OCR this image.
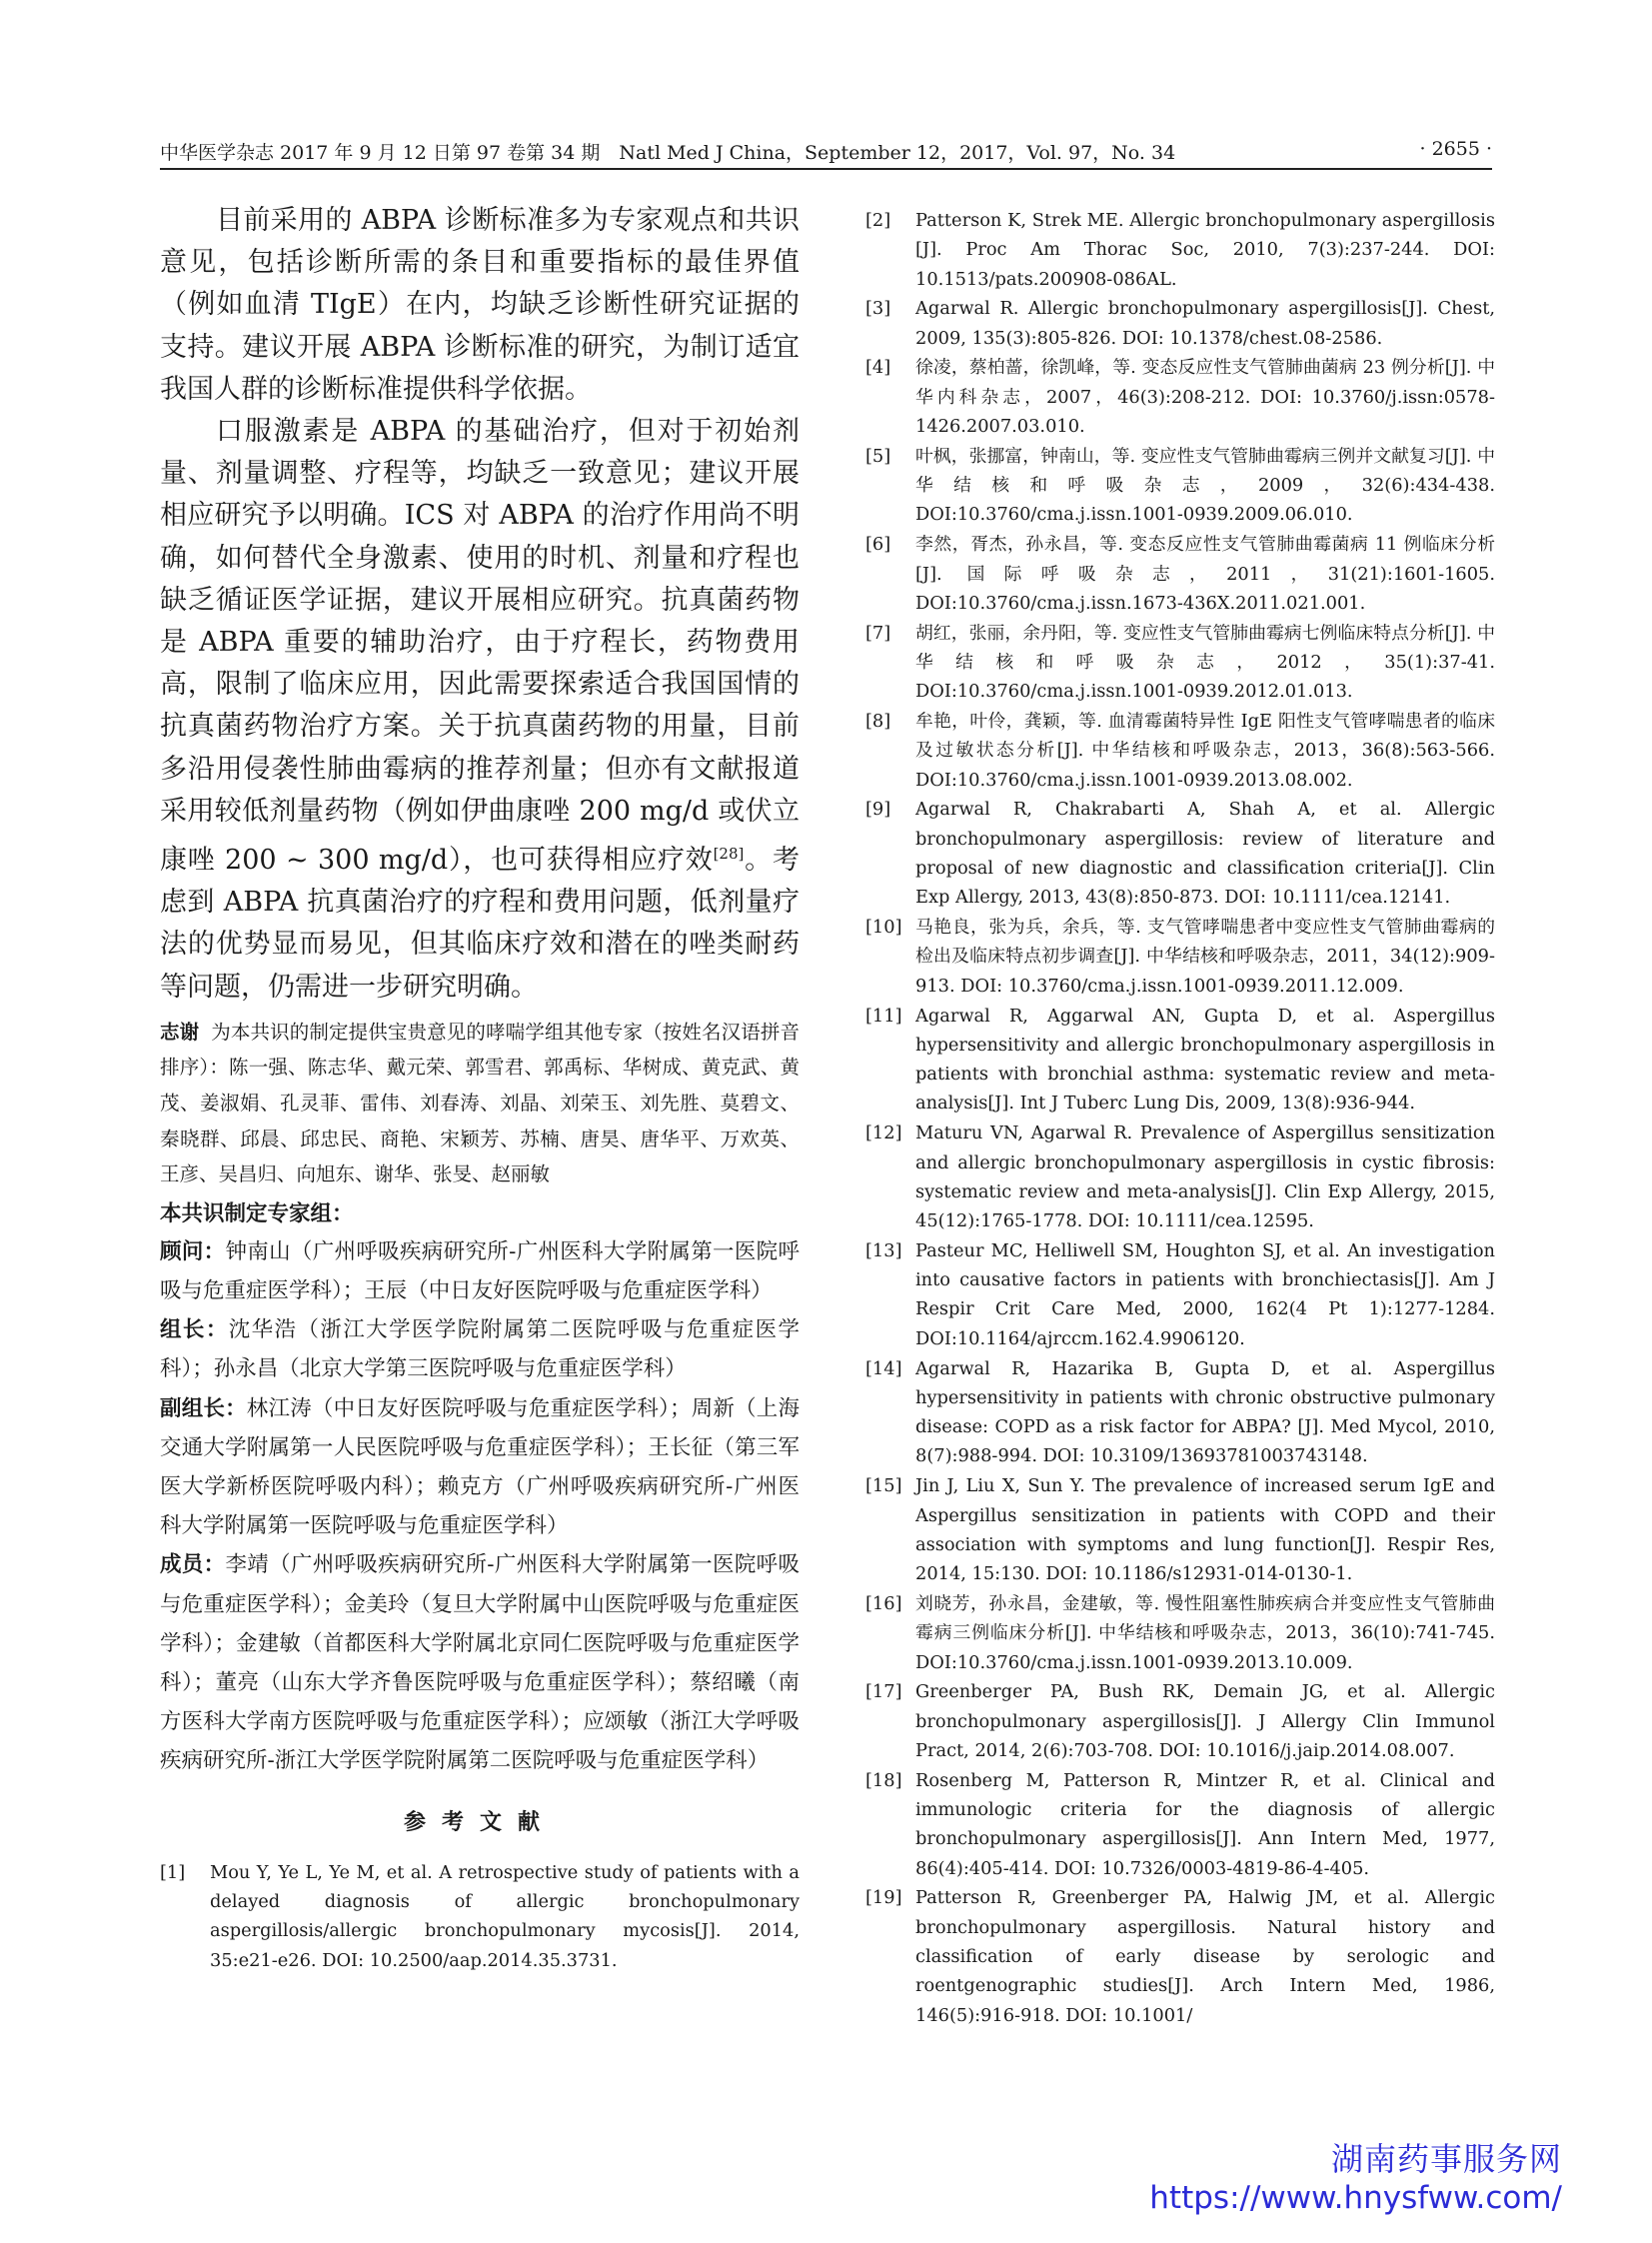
中华医学杂志 2017 年 9 月 12 日第 97 卷第 34 期　Natl Med J China，September 12，2017，Vol. 97，No. 34	· 2655 ·

目前采用的 ABPA 诊断标准多为专家观点和共识意见，包括诊断所需的条目和重要指标的最佳界值（例如血清 TIgE）在内，均缺乏诊断性研究证据的支持。建议开展 ABPA 诊断标准的研究，为制订适宜我国人群的诊断标准提供科学依据。

口服激素是 ABPA 的基础治疗，但对于初始剂量、剂量调整、疗程等，均缺乏一致意见；建议开展相应研究予以明确。ICS 对 ABPA 的治疗作用尚不明确，如何替代全身激素、使用的时机、剂量和疗程也缺乏循证医学证据，建议开展相应研究。抗真菌药物是 ABPA 重要的辅助治疗，由于疗程长，药物费用高，限制了临床应用，因此需要探索适合我国国情的抗真菌药物治疗方案。关于抗真菌药物的用量，目前多沿用侵袭性肺曲霉病的推荐剂量；但亦有文献报道采用较低剂量药物（例如伊曲康唑 200 mg/d 或伏立康唑 200 ~ 300 mg/d），也可获得相应疗效[28]。考虑到 ABPA 抗真菌治疗的疗程和费用问题，低剂量疗法的优势显而易见，但其临床疗效和潜在的唑类耐药等问题，仍需进一步研究明确。

志谢 为本共识的制定提供宝贵意见的哮喘学组其他专家（按姓名汉语拼音排序）：陈一强、陈志华、戴元荣、郭雪君、郭禹标、华树成、黄克武、黄茂、姜淑娟、孔灵菲、雷伟、刘春涛、刘晶、刘荣玉、刘先胜、莫碧文、秦晓群、邱晨、邱忠民、商艳、宋颖芳、苏楠、唐昊、唐华平、万欢英、王彦、吴昌归、向旭东、谢华、张旻、赵丽敏

本共识制定专家组：

顾问：钟南山（广州呼吸疾病研究所-广州医科大学附属第一医院呼吸与危重症医学科）；王辰（中日友好医院呼吸与危重症医学科）

组长：沈华浩（浙江大学医学院附属第二医院呼吸与危重症医学科）；孙永昌（北京大学第三医院呼吸与危重症医学科）

副组长：林江涛（中日友好医院呼吸与危重症医学科）；周新（上海交通大学附属第一人民医院呼吸与危重症医学科）；王长征（第三军医大学新桥医院呼吸内科）；赖克方（广州呼吸疾病研究所-广州医科大学附属第一医院呼吸与危重症医学科）

成员：李靖（广州呼吸疾病研究所-广州医科大学附属第一医院呼吸与危重症医学科）；金美玲（复旦大学附属中山医院呼吸与危重症医学科）；金建敏（首都医科大学附属北京同仁医院呼吸与危重症医学科）；董亮（山东大学齐鲁医院呼吸与危重症医学科）；蔡绍曦（南方医科大学南方医院呼吸与危重症医学科）；应颂敏（浙江大学呼吸疾病研究所-浙江大学医学院附属第二医院呼吸与危重症医学科）

参考文献
[1]	Mou Y, Ye L, Ye M, et al. A retrospective study of patients with a delayed diagnosis of allergic bronchopulmonary aspergillosis/allergic bronchopulmonary mycosis[J]. 2014, 35:e21-e26. DOI: 10.2500/aap.2014.35.3731.
[2]	Patterson K, Strek ME. Allergic bronchopulmonary aspergillosis [J]. Proc Am Thorac Soc, 2010, 7(3):237-244. DOI: 10.1513/pats.200908-086AL.
[3]	Agarwal R. Allergic bronchopulmonary aspergillosis[J]. Chest, 2009, 135(3):805-826. DOI: 10.1378/chest.08-2586.
[4]	徐凌，蔡柏蔷，徐凯峰，等. 变态反应性支气管肺曲菌病 23 例分析[J]. 中华内科杂志，2007，46(3):208-212. DOI: 10.3760/j.issn:0578-1426.2007.03.010.
[5]	叶枫，张挪富，钟南山，等. 变应性支气管肺曲霉病三例并文献复习[J]. 中华结核和呼吸杂志，2009，32(6):434-438. DOI:10.3760/cma.j.issn.1001-0939.2009.06.010.
[6]	李然，胥杰，孙永昌，等. 变态反应性支气管肺曲霉菌病 11 例临床分析[J]. 国际呼吸杂志，2011，31(21):1601-1605. DOI:10.3760/cma.j.issn.1673-436X.2011.021.001.
[7]	胡红，张丽，余丹阳，等. 变应性支气管肺曲霉病七例临床特点分析[J]. 中华结核和呼吸杂志，2012，35(1):37-41. DOI:10.3760/cma.j.issn.1001-0939.2012.01.013.
[8]	牟艳，叶伶，龚颖，等. 血清霉菌特异性 IgE 阳性支气管哮喘患者的临床及过敏状态分析[J]. 中华结核和呼吸杂志，2013，36(8):563-566. DOI:10.3760/cma.j.issn.1001-0939.2013.08.002.
[9]	Agarwal R, Chakrabarti A, Shah A, et al. Allergic bronchopulmonary aspergillosis: review of literature and proposal of new diagnostic and classification criteria[J]. Clin Exp Allergy, 2013, 43(8):850-873. DOI: 10.1111/cea.12141.
[10] 马艳良，张为兵，余兵，等. 支气管哮喘患者中变应性支气管肺曲霉病的检出及临床特点初步调查[J]. 中华结核和呼吸杂志，2011，34(12):909-913. DOI: 10.3760/cma.j.issn.1001-0939.2011.12.009.
[11] Agarwal R, Aggarwal AN, Gupta D, et al. Aspergillus hypersensitivity and allergic bronchopulmonary aspergillosis in patients with bronchial asthma: systematic review and meta-analysis[J]. Int J Tuberc Lung Dis, 2009, 13(8):936-944.
[12] Maturu VN, Agarwal R. Prevalence of Aspergillus sensitization and allergic bronchopulmonary aspergillosis in cystic fibrosis: systematic review and meta-analysis[J]. Clin Exp Allergy, 2015, 45(12):1765-1778. DOI: 10.1111/cea.12595.
[13] Pasteur MC, Helliwell SM, Houghton SJ, et al. An investigation into causative factors in patients with bronchiectasis[J]. Am J Respir Crit Care Med, 2000, 162(4 Pt 1):1277-1284. DOI:10.1164/ajrccm.162.4.9906120.
[14] Agarwal R, Hazarika B, Gupta D, et al. Aspergillus hypersensitivity in patients with chronic obstructive pulmonary disease: COPD as a risk factor for ABPA? [J]. Med Mycol, 2010, 8(7):988-994. DOI: 10.3109/13693781003743148.
[15] Jin J, Liu X, Sun Y. The prevalence of increased serum IgE and Aspergillus sensitization in patients with COPD and their association with symptoms and lung function[J]. Respir Res, 2014, 15:130. DOI: 10.1186/s12931-014-0130-1.
[16] 刘晓芳，孙永昌，金建敏，等. 慢性阻塞性肺疾病合并变应性支气管肺曲霉病三例临床分析[J]. 中华结核和呼吸杂志，2013，36(10):741-745. DOI:10.3760/cma.j.issn.1001-0939.2013.10.009.
[17] Greenberger PA, Bush RK, Demain JG, et al. Allergic bronchopulmonary aspergillosis[J]. J Allergy Clin Immunol Pract, 2014, 2(6):703-708. DOI: 10.1016/j.jaip.2014.08.007.
[18] Rosenberg M, Patterson R, Mintzer R, et al. Clinical and immunologic criteria for the diagnosis of allergic bronchopulmonary aspergillosis[J]. Ann Intern Med, 1977, 86(4):405-414. DOI: 10.7326/0003-4819-86-4-405.
[19] Patterson R, Greenberger PA, Halwig JM, et al. Allergic bronchopulmonary aspergillosis. Natural history and classification of early disease by serologic and roentgenographic studies[J]. Arch Intern Med, 1986, 146(5):916-918. DOI: 10.1001/
湖南药事服务网
https://www.hnysfww.com/
